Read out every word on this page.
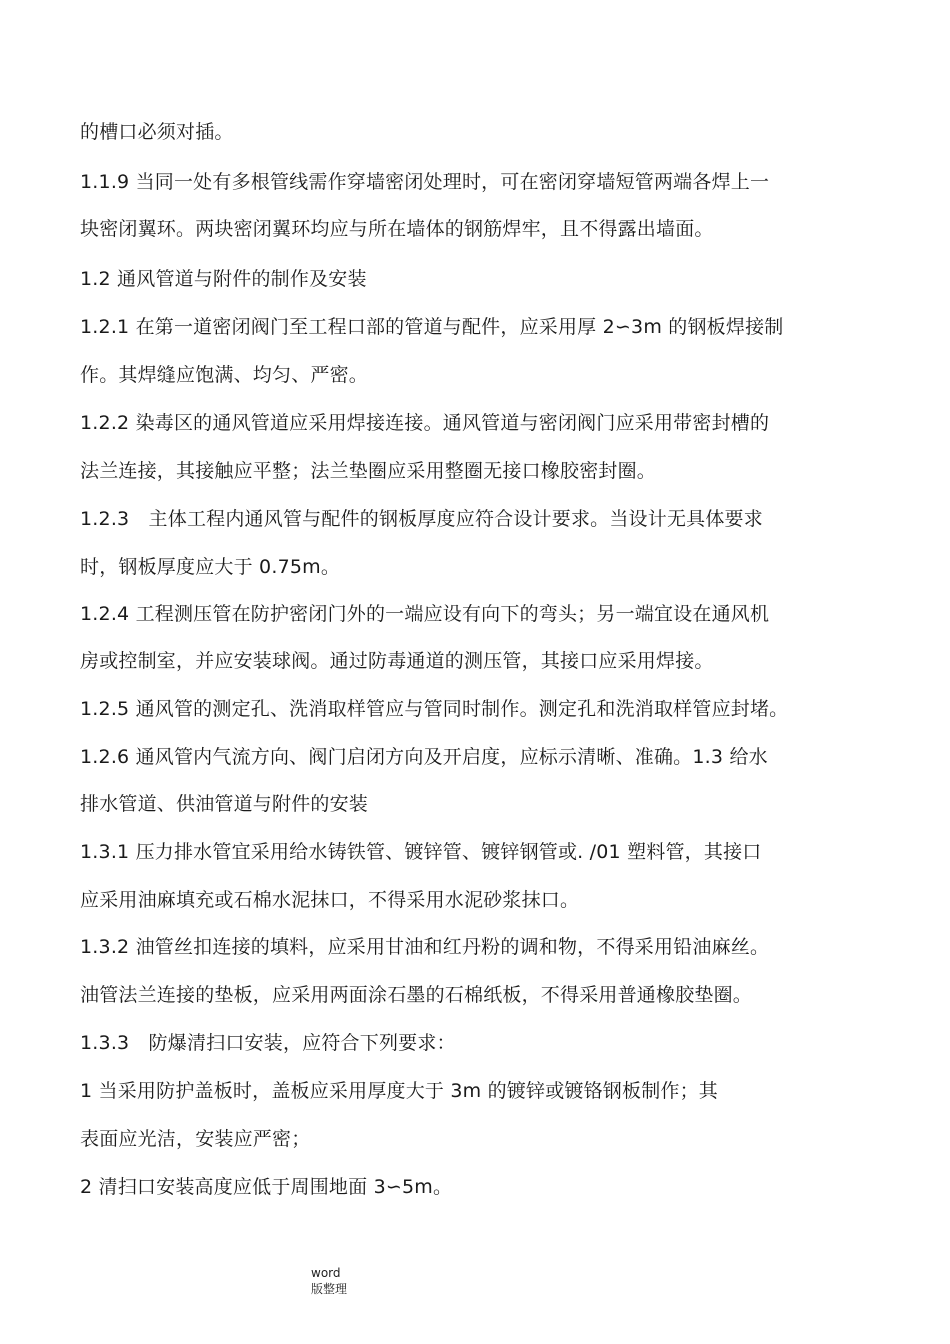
的槽口必须对插。
1.1.9 当同一处有多根管线需作穿墙密闭处理时，可在密闭穿墙短管两端各焊上一
块密闭翼环。两块密闭翼环均应与所在墙体的钢筋焊牢，且不得露出墙面。
1.2 通风管道与附件的制作及安装
1.2.1 在第一道密闭阀门至工程口部的管道与配件，应采用厚 2∽3m 的钢板焊接制
作。其焊缝应饱满、均匀、严密。
1.2.2 染毒区的通风管道应采用焊接连接。通风管道与密闭阀门应采用带密封槽的
法兰连接，其接触应平整；法兰垫圈应采用整圈无接口橡胶密封圈。
1.2.3　主体工程内通风管与配件的钢板厚度应符合设计要求。当设计无具体要求
时，钢板厚度应大于 0.75m。
1.2.4 工程测压管在防护密闭门外的一端应设有向下的弯头；另一端宜设在通风机
房或控制室，并应安装球阀。通过防毒通道的测压管，其接口应采用焊接。
1.2.5 通风管的测定孔、洗消取样管应与管同时制作。测定孔和洗消取样管应封堵。
1.2.6 通风管内气流方向、阀门启闭方向及开启度，应标示清晰、准确。1.3 给水
排水管道、供油管道与附件的安装
1.3.1 压力排水管宜采用给水铸铁管、镀锌管、镀锌钢管或. /01 塑料管，其接口
应采用油麻填充或石棉水泥抹口，不得采用水泥砂浆抹口。
1.3.2 油管丝扣连接的填料，应采用甘油和红丹粉的调和物，不得采用铅油麻丝。
油管法兰连接的垫板，应采用两面涂石墨的石棉纸板，不得采用普通橡胶垫圈。
1.3.3　防爆清扫口安装，应符合下列要求：
1 当采用防护盖板时，盖板应采用厚度大于 3m 的镀锌或镀铬钢板制作；其
表面应光洁，安装应严密；
2 清扫口安装高度应低于周围地面 3∽5m。
word
版整理
